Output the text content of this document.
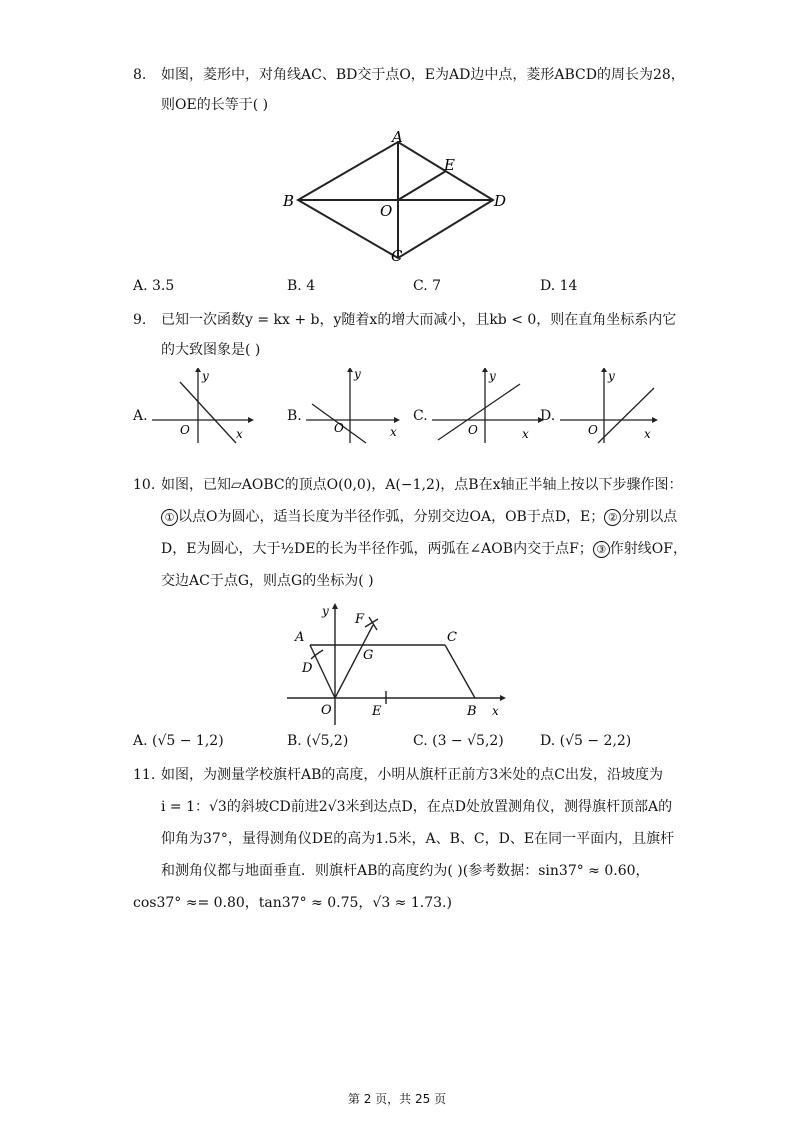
8. 如图，菱形中，对角线AC、BD交于点O，E为AD边中点，菱形ABCD的周长为28，
则OE的长等于( )
A
B
C
D
E
O
A. 3.5	B. 4	C. 7	D. 14
9. 已知一次函数y = kx + b，y随着x的增大而减小，且kb < 0，则在直角坐标系内它
的大致图象是( )
A.
y
x
O
B.
y
x
O
C.
y
x
O
D.
y
x
O
10. 如图，已知▱AOBC的顶点O(0,0)，A(−1,2)，点B在x轴正半轴上按以下步骤作图：
① 以点O为圆心，适当长度为半径作弧，分别交边OA，OB于点D，E； ② 分别以点
D，E为圆心，大于½DE的长为半径作弧，两弧在∠AOB内交于点F； ③ 作射线OF，
交边AC于点G，则点G的坐标为( )
y
x
A
D
F
G
C
O	E	B
A. (√5 − 1,2)	B. (√5,2)	C. (3 − √5,2)	D. (√5 − 2,2)
11. 如图，为测量学校旗杆AB的高度，小明从旗杆正前方3米处的点C出发，沿坡度为
i = 1：√3的斜坡CD前进2√3米到达点D，在点D处放置测角仪，测得旗杆顶部A的
仰角为37°，量得测角仪DE的高为1.5米，A、B、C，D、E在同一平面内，且旗杆
和测角仪都与地面垂直．则旗杆AB的高度约为( )(参考数据：sin37° ≈ 0.60，
cos37° ≈= 0.80，tan37° ≈ 0.75，√3 ≈ 1.73.)
第 2 页，共 25 页
